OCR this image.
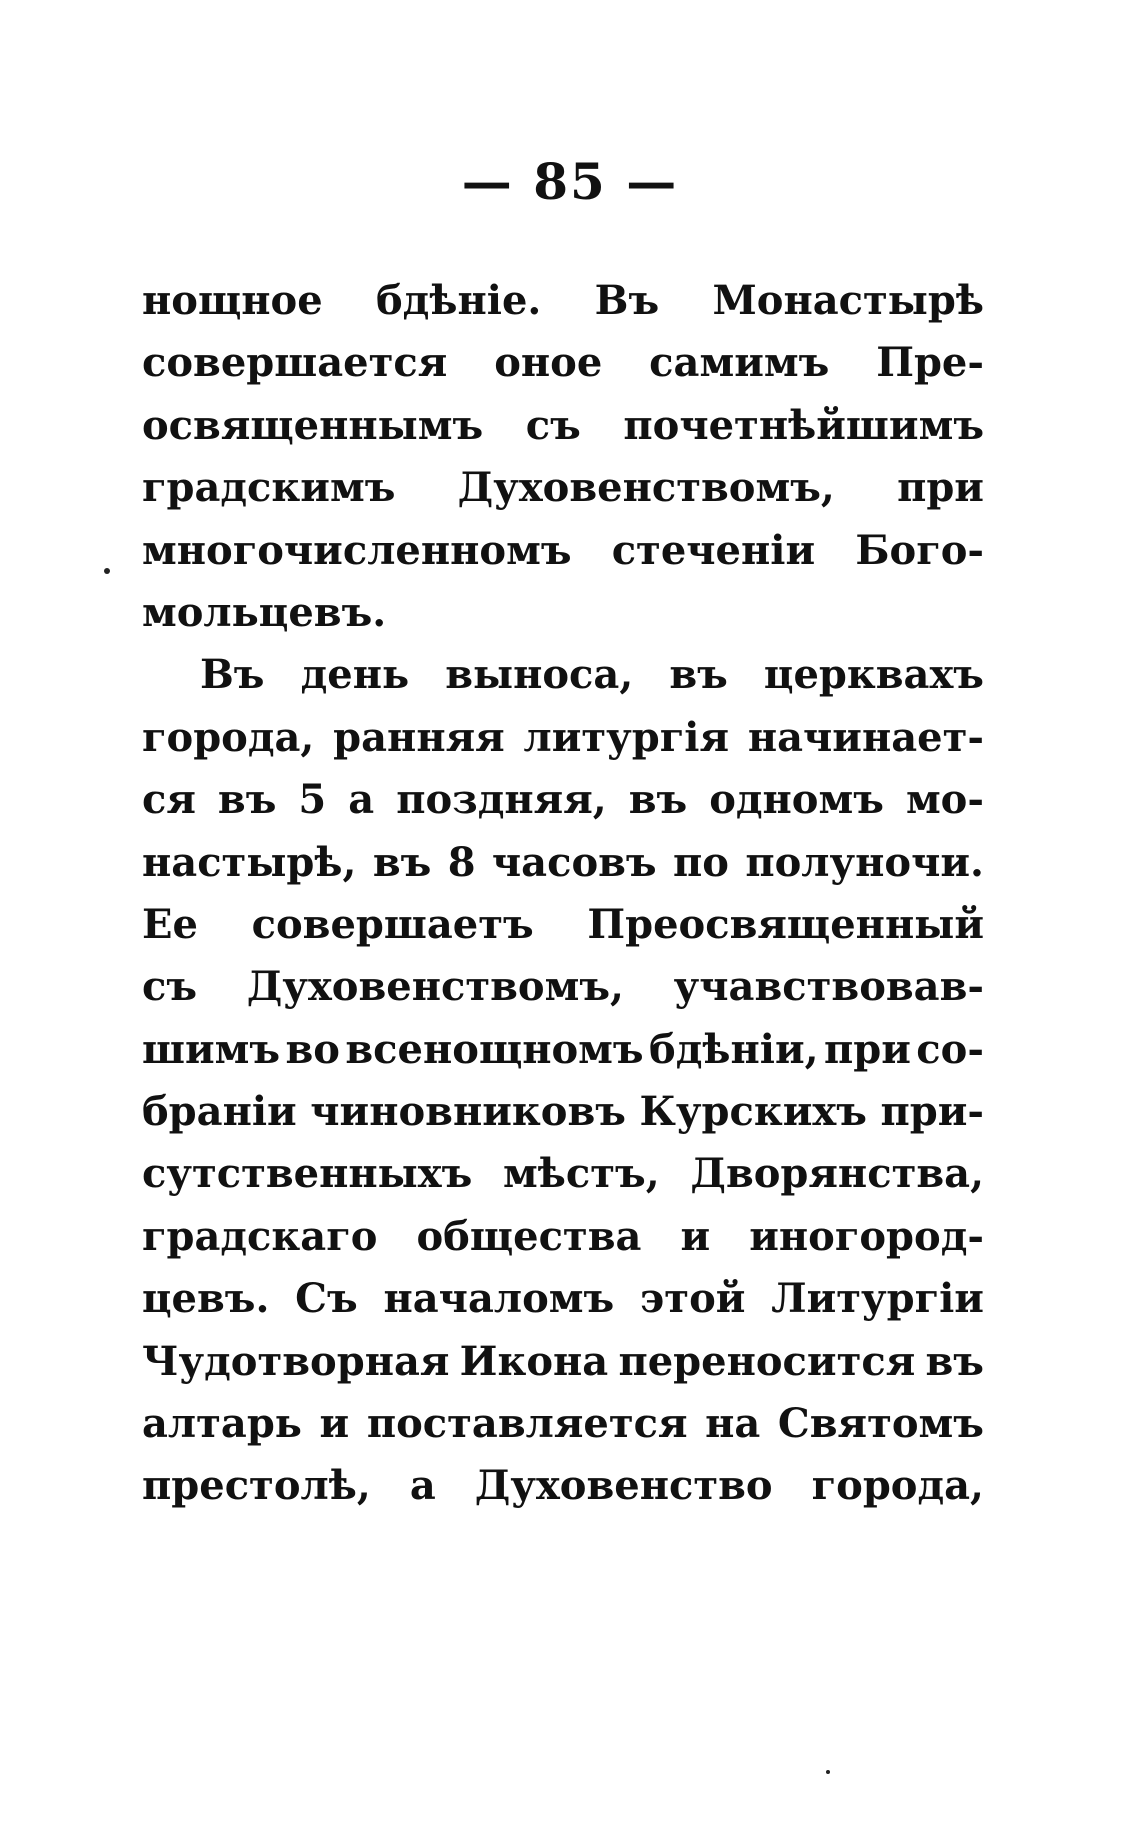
— 85 —
нощное бдѣніе. Въ Монастырѣ
совершается оное самимъ Пре-
освященнымъ съ почетнѣйшимъ
градскимъ Духовенствомъ, при
многочисленномъ стеченіи Бого-
мольцевъ.
Въ день выноса, въ церквахъ
города, ранняя литургія начинает-
ся въ 5 а поздняя, въ одномъ мо-
настырѣ, въ 8 часовъ по полуночи.
Ее совершаетъ Преосвященный
съ Духовенствомъ, учавствовав-
шимъ во всенощномъ бдѣніи, при со-
браніи чиновниковъ Курскихъ при-
сутственныхъ мѣстъ, Дворянства,
градскаго общества и иногород-
цевъ. Съ началомъ этой Литургіи
Чудотворная Икона переносится въ
алтарь и поставляется на Святомъ
престолѣ, а Духовенство города,
